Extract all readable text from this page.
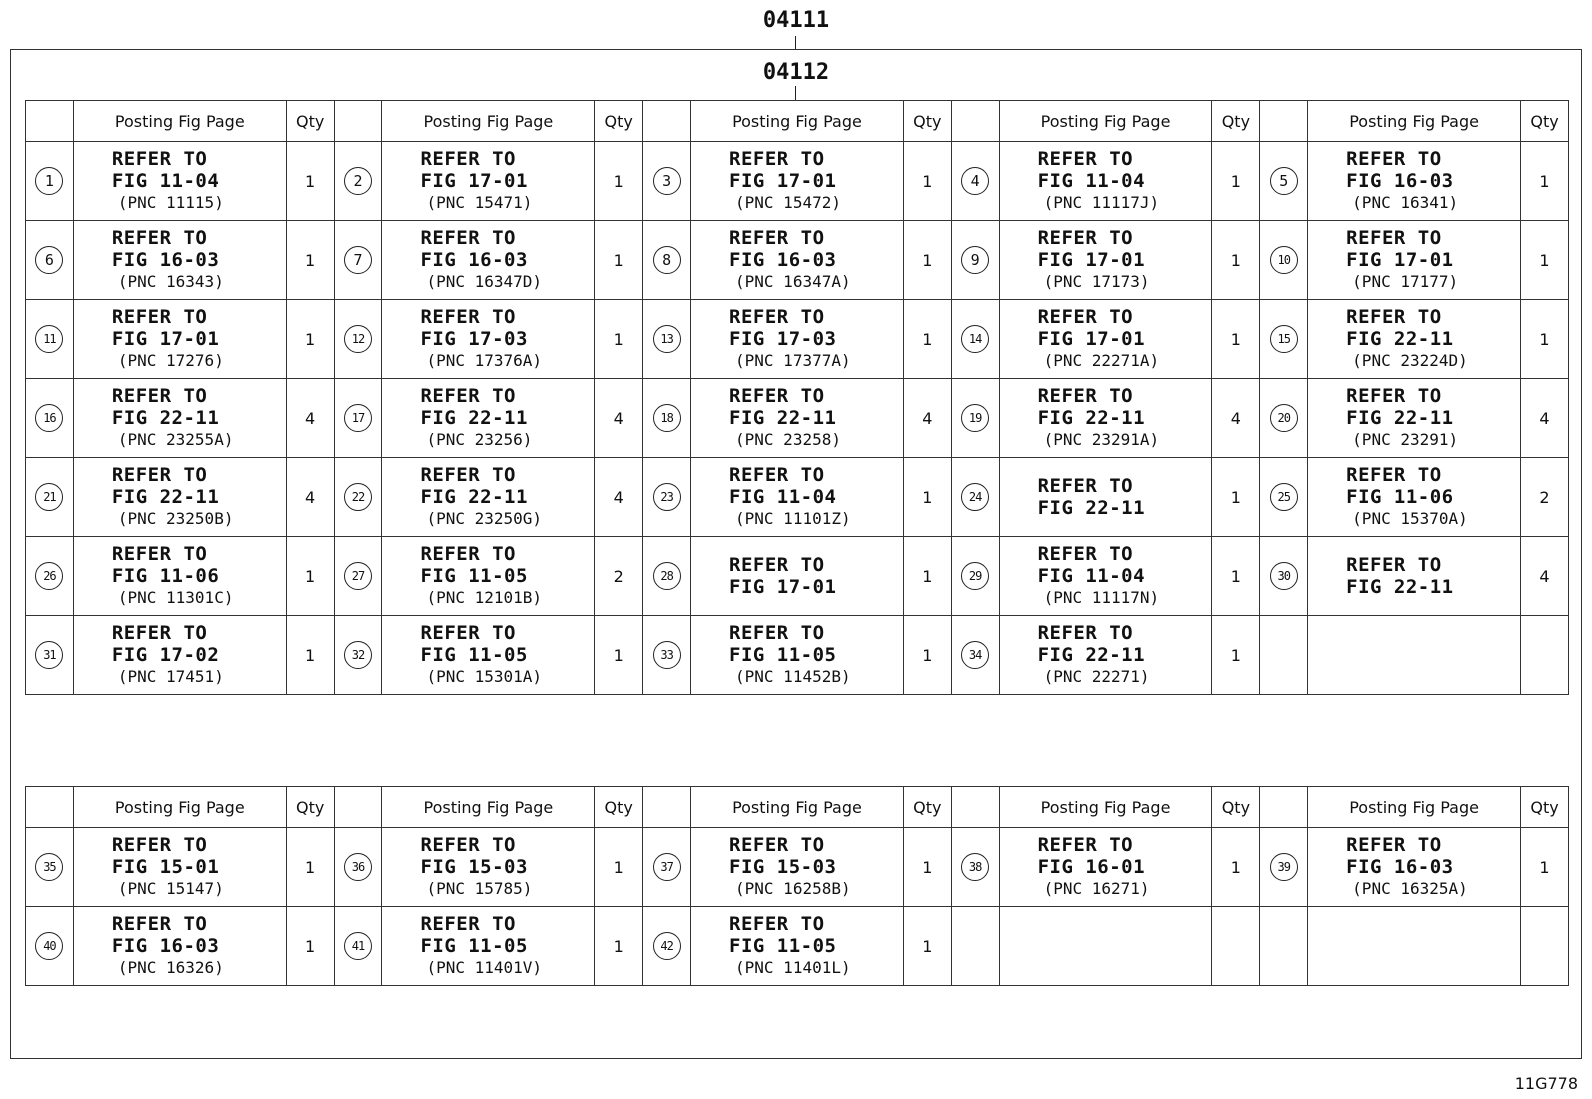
04111
04112
	Posting Fig Page	Qty		Posting Fig Page	Qty		Posting Fig Page	Qty		Posting Fig Page	Qty		Posting Fig Page	Qty
1	REFER TO
FIG 11-04
(PNC 11115)	1	2	REFER TO
FIG 17-01
(PNC 15471)	1	3	REFER TO
FIG 17-01
(PNC 15472)	1	4	REFER TO
FIG 11-04
(PNC 11117J)	1	5	REFER TO
FIG 16-03
(PNC 16341)	1
6	REFER TO
FIG 16-03
(PNC 16343)	1	7	REFER TO
FIG 16-03
(PNC 16347D)	1	8	REFER TO
FIG 16-03
(PNC 16347A)	1	9	REFER TO
FIG 17-01
(PNC 17173)	1	10	REFER TO
FIG 17-01
(PNC 17177)	1
11	REFER TO
FIG 17-01
(PNC 17276)	1	12	REFER TO
FIG 17-03
(PNC 17376A)	1	13	REFER TO
FIG 17-03
(PNC 17377A)	1	14	REFER TO
FIG 17-01
(PNC 22271A)	1	15	REFER TO
FIG 22-11
(PNC 23224D)	1
16	REFER TO
FIG 22-11
(PNC 23255A)	4	17	REFER TO
FIG 22-11
(PNC 23256)	4	18	REFER TO
FIG 22-11
(PNC 23258)	4	19	REFER TO
FIG 22-11
(PNC 23291A)	4	20	REFER TO
FIG 22-11
(PNC 23291)	4
21	REFER TO
FIG 22-11
(PNC 23250B)	4	22	REFER TO
FIG 22-11
(PNC 23250G)	4	23	REFER TO
FIG 11-04
(PNC 11101Z)	1	24	REFER TO
FIG 22-11	1	25	REFER TO
FIG 11-06
(PNC 15370A)	2
26	REFER TO
FIG 11-06
(PNC 11301C)	1	27	REFER TO
FIG 11-05
(PNC 12101B)	2	28	REFER TO
FIG 17-01	1	29	REFER TO
FIG 11-04
(PNC 11117N)	1	30	REFER TO
FIG 22-11	4
31	REFER TO
FIG 17-02
(PNC 17451)	1	32	REFER TO
FIG 11-05
(PNC 15301A)	1	33	REFER TO
FIG 11-05
(PNC 11452B)	1	34	REFER TO
FIG 22-11
(PNC 22271)	1			
	Posting Fig Page	Qty		Posting Fig Page	Qty		Posting Fig Page	Qty		Posting Fig Page	Qty		Posting Fig Page	Qty
35	REFER TO
FIG 15-01
(PNC 15147)	1	36	REFER TO
FIG 15-03
(PNC 15785)	1	37	REFER TO
FIG 15-03
(PNC 16258B)	1	38	REFER TO
FIG 16-01
(PNC 16271)	1	39	REFER TO
FIG 16-03
(PNC 16325A)	1
40	REFER TO
FIG 16-03
(PNC 16326)	1	41	REFER TO
FIG 11-05
(PNC 11401V)	1	42	REFER TO
FIG 11-05
(PNC 11401L)	1						
11G778
